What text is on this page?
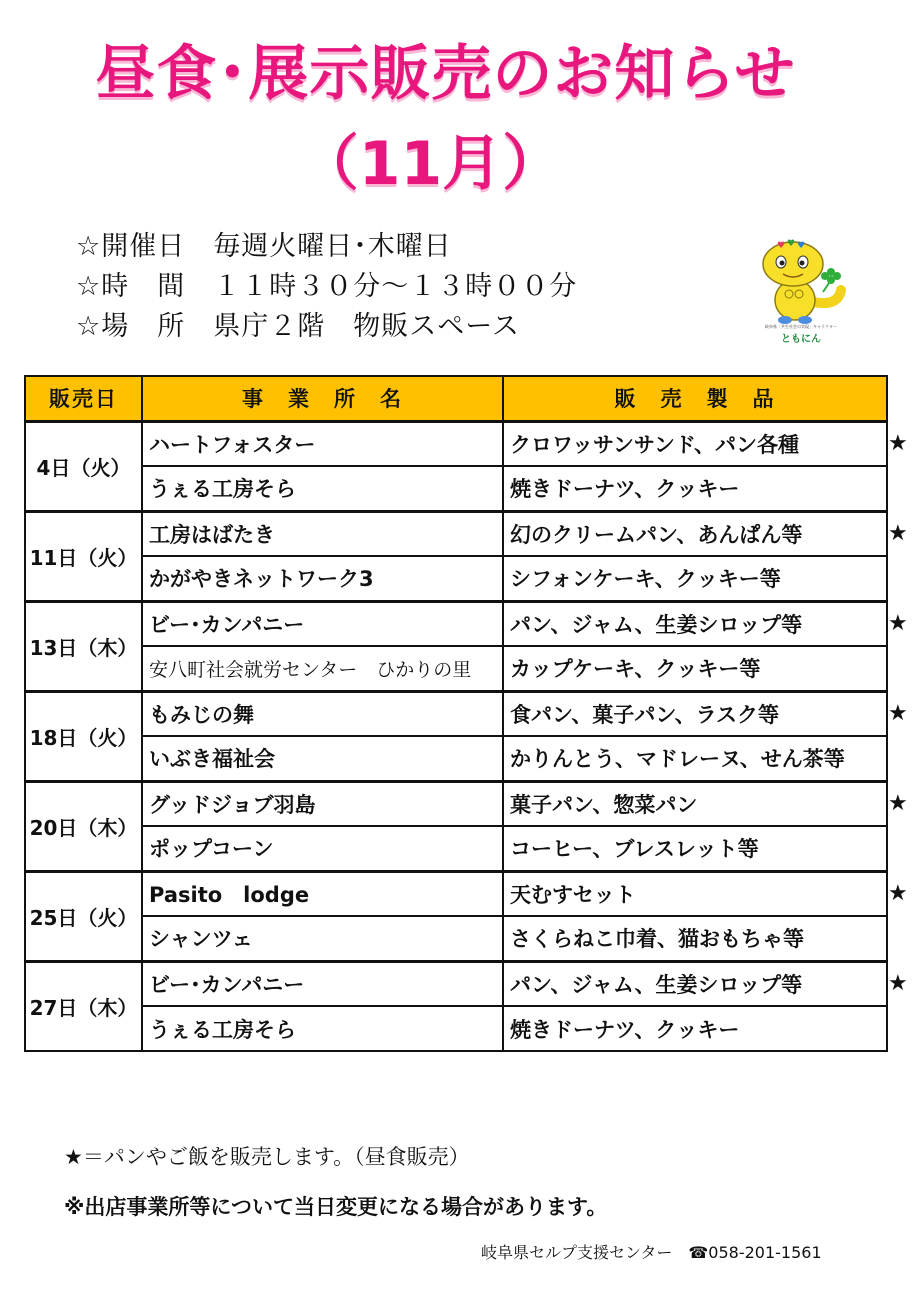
昼食･展示販売のお知らせ
（11月）
☆開催日　毎週火曜日･木曜日
☆時　間　１１時３０分～１３時００分
☆場　所　県庁２階　物販スペース
♥ ♥ ♥
岐阜県「共生社会の実現」キャラクター
ともにん
販売日	事　業　所　名	販　売　製　品
4日（火）	ハートフォスター	クロワッサンサンド、パン各種
	うぇる工房そら	焼きドーナツ、クッキー
11日（火）	工房はばたき	幻のクリームパン、あんぱん等
	かがやきネットワーク3	シフォンケーキ、クッキー等
13日（木）	ビー･カンパニー	パン、ジャム、生姜シロップ等
	安八町社会就労センター　ひかりの里	カップケーキ、クッキー等
18日（火）	もみじの舞	食パン、菓子パン、ラスク等
	いぶき福祉会	かりんとう、マドレーヌ、せん茶等
20日（木）	グッドジョブ羽島	菓子パン、惣菜パン
	ポップコーン	コーヒー、ブレスレット等
25日（火）	Pasito　lodge	天むすセット
	シャンツェ	さくらねこ巾着、猫おもちゃ等
27日（木）	ビー･カンパニー	パン、ジャム、生姜シロップ等
	うぇる工房そら	焼きドーナツ、クッキー
★
★
★
★
★
★
★
★＝パンやご飯を販売します。（昼食販売）
※出店事業所等について当日変更になる場合があります。
岐阜県セルプ支援センター　☎058-201-1561
